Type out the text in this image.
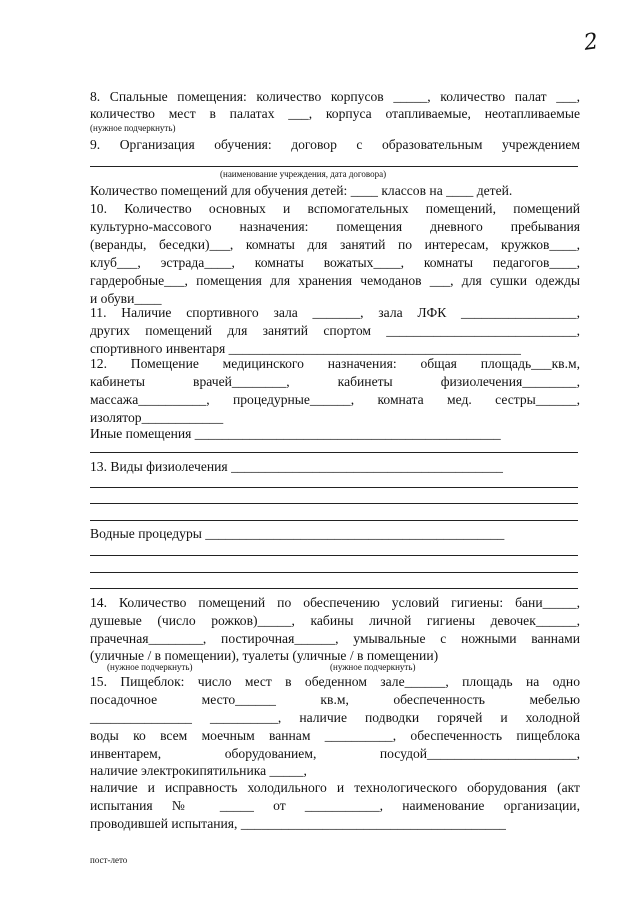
2
8. Спальные помещения: количество корпусов _____, количество палат ___,
количество мест в палатах ___, корпуса отапливаемые, неотапливаемые
(нужное подчеркнуть)
9. Организация обучения: договор с образовательным учреждением
(наименование учреждения, дата договора)
Количество помещений для обучения детей: ____ классов на ____ детей.
10. Количество основных и вспомогательных помещений, помещений
культурно-массового назначения: помещения дневного пребывания
(веранды, беседки)___, комнаты для занятий по интересам, кружков____,
клуб___, эстрада____, комнаты вожатых____, комнаты педагогов____,
гардеробные___, помещения для хранения чемоданов ___, для сушки одежды
и обуви____
11. Наличие спортивного зала _______, зала ЛФК _________________,
других помещений для занятий спортом ____________________________,
спортивного инвентаря ___________________________________________
12. Помещение медицинского назначения: общая площадь___кв.м,
кабинеты врачей________, кабинеты физиолечения________,
массажа__________, процедурные______, комната мед. сестры______,
изолятор____________
Иные помещения _____________________________________________
13. Виды физиолечения ________________________________________
Водные процедуры ____________________________________________
14. Количество помещений по обеспечению условий гигиены: бани_____,
душевые (число рожков)_____, кабины личной гигиены девочек______,
прачечная________, постирочная______, умывальные с ножными ваннами
(уличные / в помещении), туалеты (уличные / в помещении)
(нужное подчеркнуть)	(нужное подчеркнуть)
15. Пищеблок: число мест в обеденном зале______, площадь на одно
посадочное место______ кв.м, обеспеченность мебелью
_______________ __________, наличие подводки горячей и холодной
воды ко всем моечным ваннам __________, обеспеченность пищеблока
инвентарем, оборудованием, посудой______________________,
наличие электрокипятильника _____,
наличие и исправность холодильного и технологического оборудования (акт
испытания № _____ от ___________, наименование организации,
проводившей испытания, _______________________________________
пост-лето
